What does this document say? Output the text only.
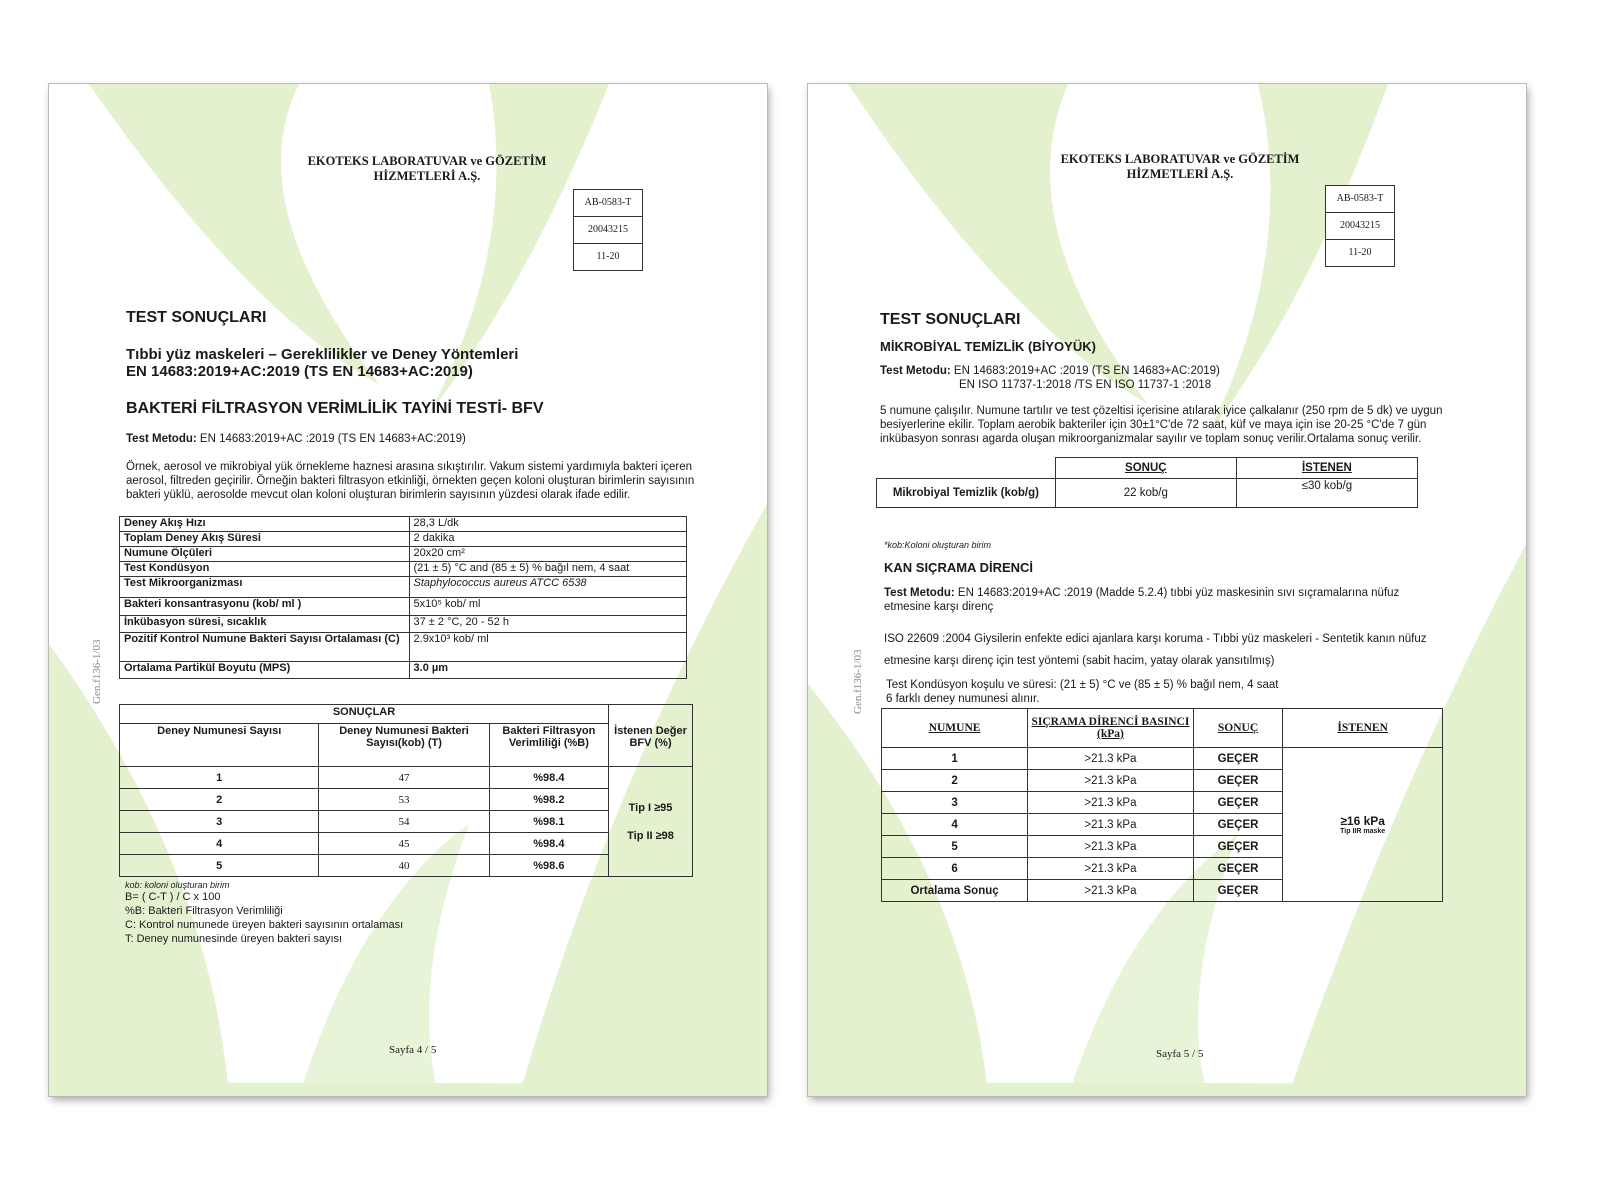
EKOTEKS LABORATUVAR ve GÖZETİM
HİZMETLERİ A.Ş.
AB-0583-T
20043215
11-20
TEST SONUÇLARI
Tıbbi yüz maskeleri – Gereklilikler ve Deney Yöntemleri
EN 14683:2019+AC:2019 (TS EN 14683+AC:2019)
BAKTERİ FİLTRASYON VERİMLİLİK TAYİNİ TESTİ- BFV
Test Metodu: EN 14683:2019+AC :2019 (TS EN 14683+AC:2019)
Örnek, aerosol ve mikrobiyal yük örnekleme haznesi arasına sıkıştırılır. Vakum sistemi yardımıyla bakteri içeren aerosol, filtreden geçirilir. Örneğin bakteri filtrasyon etkinliği, örnekten geçen koloni oluşturan birimlerin sayısının bakteri yüklü, aerosolde mevcut olan koloni oluşturan birimlerin sayısının yüzdesi olarak ifade edilir.
Deney Akış Hızı	28,3 L/dk
Toplam Deney Akış Süresi	2 dakika
Numune Ölçüleri	20x20 cm²
Test Kondüsyon	(21 ± 5) °C and (85 ± 5) % bağıl nem, 4 saat
Test Mikroorganizması	Staphylococcus aureus ATCC 6538
Bakteri konsantrasyonu (kob/ ml )	5x10⁵ kob/ ml
İnkübasyon süresi, sıcaklık	37 ± 2 °C, 20 - 52 h
Pozitif Kontrol Numune Bakteri Sayısı Ortalaması (C)	2.9x10³ kob/ ml
Ortalama Partikül Boyutu (MPS)	3.0 µm
SONUÇLAR			
Deney Numunesi Sayısı	Deney Numunesi Bakteri Sayısı(kob) (T)	Bakteri Filtrasyon Verimliliği (%B)	İstenen Değer BFV (%)
1	47	%98.4	Tip I ≥95
Tip II ≥98

2	53	%98.2	
3	54	%98.1	
4	45	%98.4	
5	40	%98.6	
kob: koloni oluşturan birim
B= ( C-T ) / C x 100
%B: Bakteri Filtrasyon Verimliliği
C: Kontrol numunede üreyen bakteri sayısının ortalaması
T: Deney numunesinde üreyen bakteri sayısı
Gen.f136-1/03
Sayfa 4 / 5
EKOTEKS LABORATUVAR ve GÖZETİM
HİZMETLERİ A.Ş.
AB-0583-T
20043215
11-20
TEST SONUÇLARI
MİKROBİYAL TEMİZLİK (BİYOYÜK)
Test Metodu: EN 14683:2019+AC :2019 (TS EN 14683+AC:2019)
EN ISO 11737-1:2018 /TS EN ISO 11737-1 :2018
5 numune çalışılır. Numune tartılır ve test çözeltisi içerisine atılarak iyice çalkalanır (250 rpm de 5 dk) ve uygun besiyerlerine ekilir. Toplam aerobik bakteriler için 30±1°C'de 72 saat, küf ve maya için ise 20-25 °C'de 7 gün inkübasyon sonrası agarda oluşan mikroorganizmalar sayılır ve toplam sonuç verilir.Ortalama sonuç verilir.
	SONUÇ	İSTENEN
Mikrobiyal Temizlik (kob/g)	22 kob/g	≤30 kob/g
*kob:Koloni oluşturan birim
KAN SIÇRAMA DİRENCİ
Test Metodu: EN 14683:2019+AC :2019 (Madde 5.2.4) tıbbi yüz maskesinin sıvı sıçramalarına nüfuz etmesine karşı direnç
ISO 22609 :2004 Giysilerin enfekte edici ajanlara karşı koruma - Tıbbi yüz maskeleri - Sentetik kanın nüfuz
etmesine karşı direnç için test yöntemi (sabit hacim, yatay olarak yansıtılmış)
Test Kondüsyon koşulu ve süresi: (21 ± 5) °C ve (85 ± 5) % bağıl nem, 4 saat
6 farklı deney numunesi alınır.
NUMUNE	SIÇRAMA DİRENCİ BASINCI (kPa)	SONUÇ	İSTENEN
1	>21.3 kPa	GEÇER	≥16 kPa
Tip IIR maske

2	>21.3 kPa	GEÇER	
3	>21.3 kPa	GEÇER	
4	>21.3 kPa	GEÇER	
5	>21.3 kPa	GEÇER	
6	>21.3 kPa	GEÇER	
Ortalama Sonuç	>21.3 kPa	GEÇER	
Gen.f136-1/03
Sayfa 5 / 5
